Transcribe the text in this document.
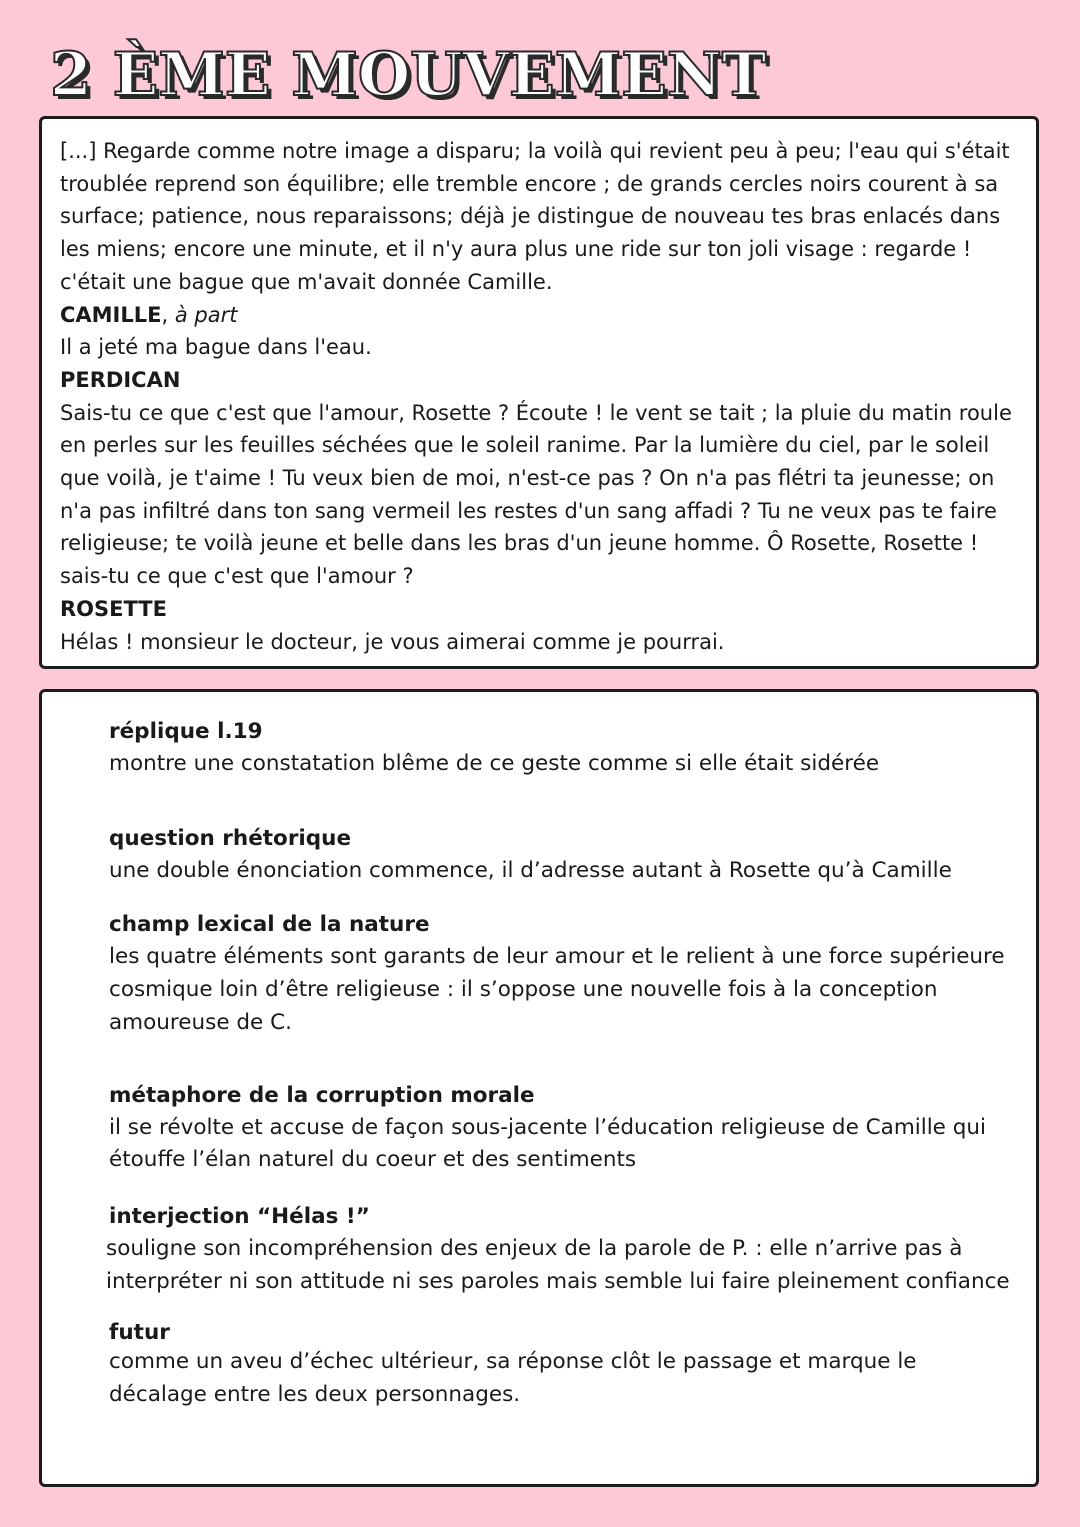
2 ÈME MOUVEMENT

[...] Regarde comme notre image a disparu; la voilà qui revient peu à peu; l'eau qui s'était troublée reprend son équilibre; elle tremble encore ; de grands cercles noirs courent à sa surface; patience, nous reparaissons; déjà je distingue de nouveau tes bras enlacés dans les miens; encore une minute, et il n'y aura plus une ride sur ton joli visage : regarde ! c'était une bague que m'avait donnée Camille.

CAMILLE, à part

Il a jeté ma bague dans l'eau.

PERDICAN

Sais-tu ce que c'est que l'amour, Rosette ? Écoute ! le vent se tait ; la pluie du matin roule en perles sur les feuilles séchées que le soleil ranime. Par la lumière du ciel, par le soleil que voilà, je t'aime ! Tu veux bien de moi, n'est-ce pas ? On n'a pas flétri ta jeunesse; on n'a pas infiltré dans ton sang vermeil les restes d'un sang affadi ? Tu ne veux pas te faire religieuse; te voilà jeune et belle dans les bras d'un jeune homme. Ô Rosette, Rosette ! sais-tu ce que c'est que l'amour ?

ROSETTE

Hélas ! monsieur le docteur, je vous aimerai comme je pourrai.

réplique l.19

montre une constatation blême de ce geste comme si elle était sidérée

question rhétorique

une double énonciation commence, il d’adresse autant à Rosette qu’à Camille

champ lexical de la nature

les quatre éléments sont garants de leur amour et le relient à une force supérieure cosmique loin d’être religieuse : il s’oppose une nouvelle fois à la conception amoureuse de C.

métaphore de la corruption morale

il se révolte et accuse de façon sous-jacente l’éducation religieuse de Camille qui étouffe l’élan naturel du coeur et des sentiments

interjection “Hélas !”

souligne son incompréhension des enjeux de la parole de P. : elle n’arrive pas à interpréter ni son attitude ni ses paroles mais semble lui faire pleinement confiance

futur

comme un aveu d’échec ultérieur, sa réponse clôt le passage et marque le décalage entre les deux personnages.
